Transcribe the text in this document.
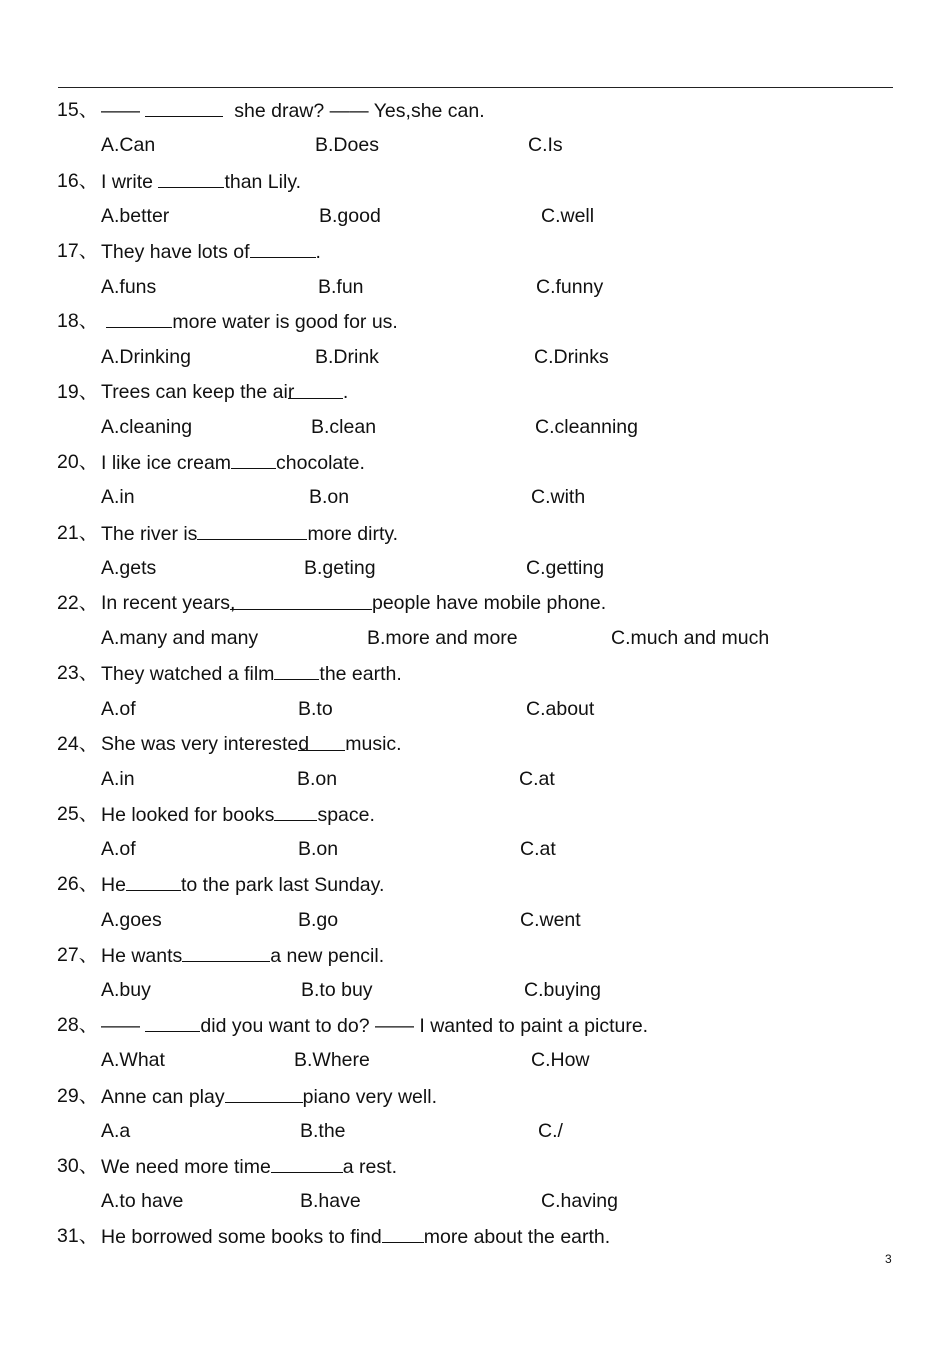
15、 ——	she draw? —— Yes,she can.
A.Can	B.Does	C.Is
16、 I write	than Lily.
A.better	B.good	C.well
17、 They have lots of	.
A.funs	B.fun	C.funny
18、	more water is good for us.
A.Drinking	B.Drink	C.Drinks
19、 Trees can keep the air .
A.cleaning	B.clean	C.cleanning
20、 I like ice cream chocolate.
A.in	B.on	C.with
21、 The river is	more dirty.
A.gets	B.geting	C.getting
22、 In recent years,	people have mobile phone.
A.many and many	B.more and more	C.much and much
23、 They watched a film the earth.
A.of	B.to	C.about
24、 She was very interested music.
A.in	B.on	C.at
25、 He looked for books space.
A.of	B.on	C.at
26、 He	to the park last Sunday.
A.goes	B.go	C.went
27、 He wants	a new pencil.
A.buy	B.to buy	C.buying
28、 ——	did you want to do? —— I wanted to paint a picture.
A.What	B.Where	C.How
29、 Anne can play	piano very well.
A.a	B.the	C./
30、 We need more time	a rest.
A.to have	B.have	C.having
31、 He borrowed some books to find more about the earth.
3
